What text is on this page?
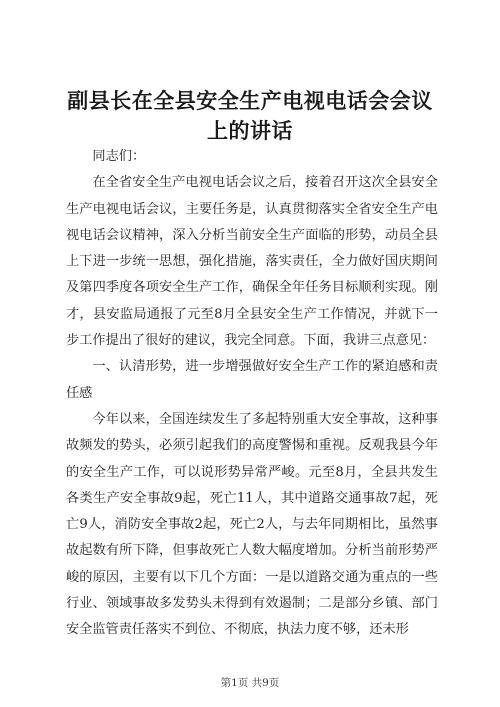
副县长在全县安全生产电视电话会会议上的讲话

同志们：

在全省安全生产电视电话会议之后，接着召开这次全县安全生产电视电话会议，主要任务是，认真贯彻落实全省安全生产电视电话会议精神，深入分析当前安全生产面临的形势，动员全县上下进一步统一思想，强化措施，落实责任，全力做好国庆期间及第四季度各项安全生产工作，确保全年任务目标顺利实现。刚才，县安监局通报了元至8月全县安全生产工作情况，并就下一步工作提出了很好的建议，我完全同意。下面，我讲三点意见：

一、认清形势，进一步增强做好安全生产工作的紧迫感和责任感

今年以来，全国连续发生了多起特别重大安全事故，这种事故频发的势头，必须引起我们的高度警惕和重视。反观我县今年的安全生产工作，可以说形势异常严峻。元至8月，全县共发生各类生产安全事故9起，死亡11人，其中道路交通事故7起，死亡9人，消防安全事故2起，死亡2人，与去年同期相比，虽然事故起数有所下降，但事故死亡人数大幅度增加。分析当前形势严峻的原因，主要有以下几个方面：一是以道路交通为重点的一些行业、领域事故多发势头未得到有效遏制；二是部分乡镇、部门安全监管责任落实不到位、不彻底，执法力度不够，还未形

第1页 共9页
